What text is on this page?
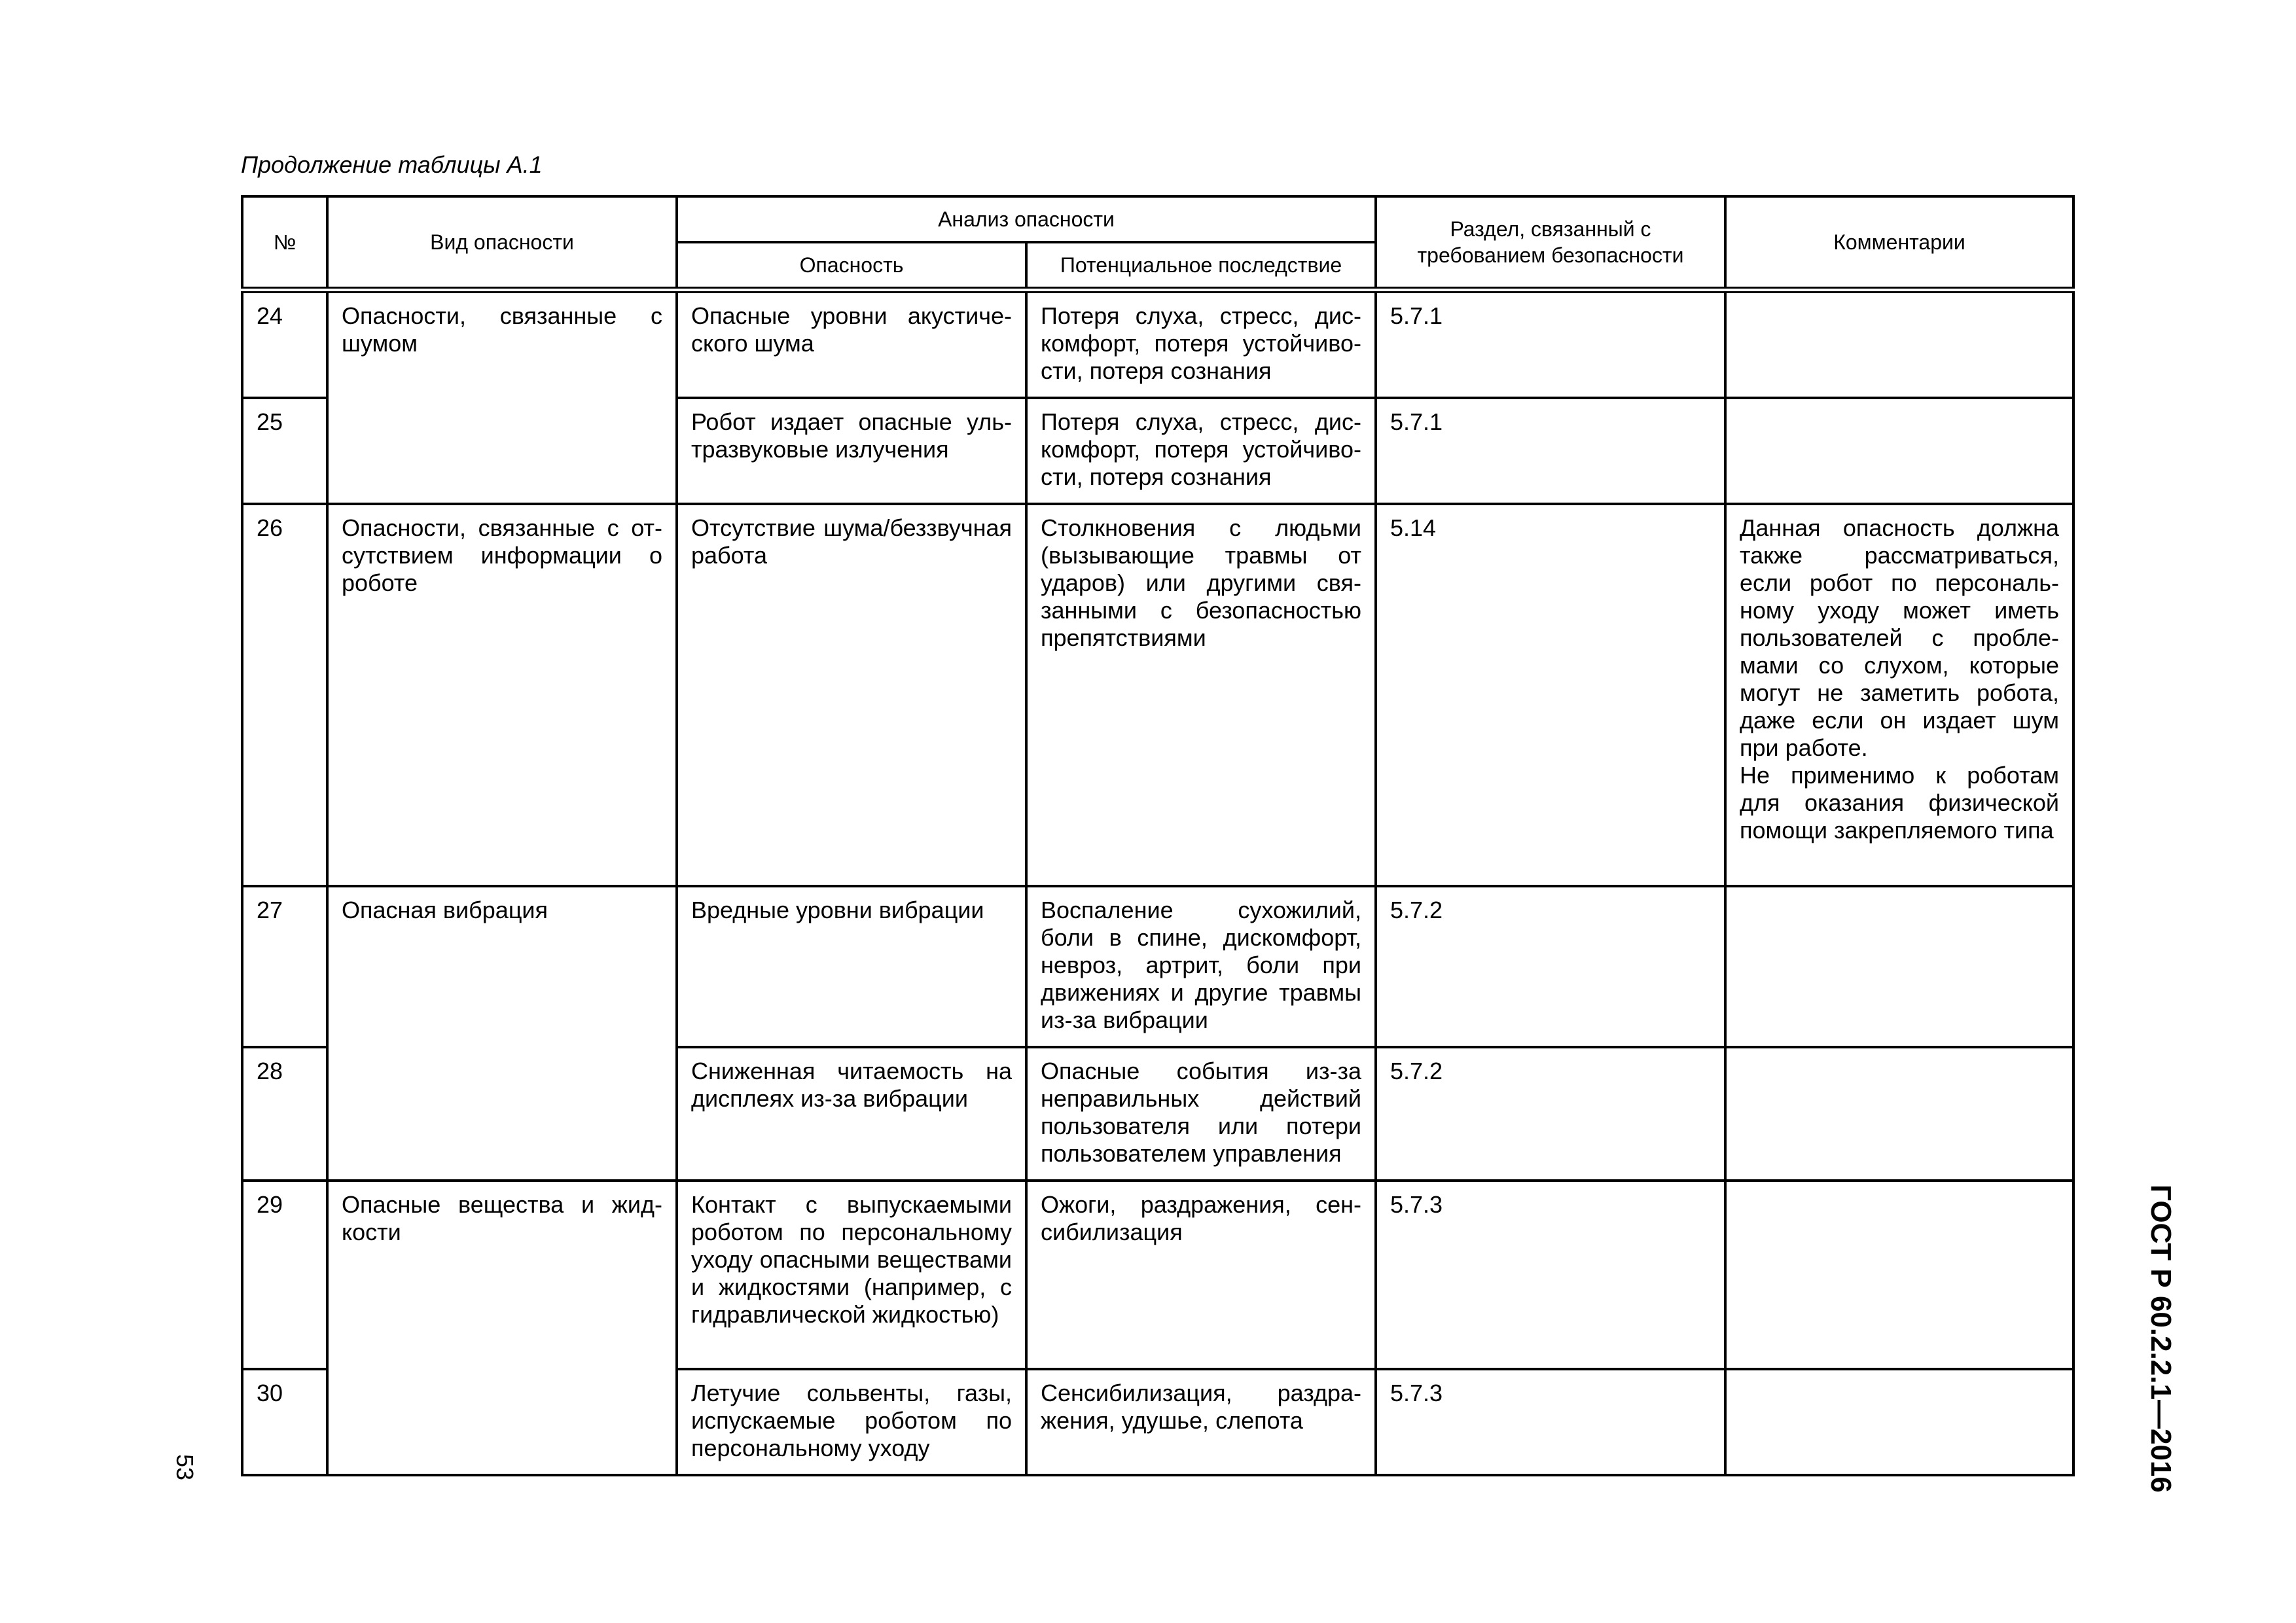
Продолжение таблицы А.1
№	Вид опасности	Анализ опасности		Раздел, связанный с требованием безопасности	Комментарии
		Опасность	Потенциальное последствие		
24	Опасности, связанные с шумом	Опасные уровни акустического шума	Потеря слуха, стресс, дискомфорт, потеря устойчивости, потеря сознания	5.7.1	
25		Робот издает опасные ультразвуковые излучения	Потеря слуха, стресс, дискомфорт, потеря устойчивости, потеря сознания	5.7.1	
26	Опасности, связанные с отсутствием информации о роботе	Отсутствие шума/беззвучная работа	Столкновения с людьми (вызывающие травмы от ударов) или другими связанными с безопасностью препятствиями	5.14	Данная опасность должна также рассматриваться, если робот по персональному уходу может иметь пользователей с проблемами со слухом, которые могут не заметить робота, даже если он издает шум при работе.
Не применимо к роботам для оказания физической помощи закрепляемого типа

27	Опасная вибрация	Вредные уровни вибрации	Воспаление сухожилий, боли в спине, дискомфорт, невроз, артрит, боли при движениях и другие травмы из-за вибрации	5.7.2	
28		Сниженная читаемость на дисплеях из-за вибрации	Опасные события из-за неправильных действий пользователя или потери пользователем управления	5.7.2	
29	Опасные вещества и жидкости	Контакт с выпускаемыми роботом по персональному уходу опасными веществами и жидкостями (например, с гидравлической жидкостью)	Ожоги, раздражения, сенсибилизация	5.7.3	
30		Летучие сольвенты, газы, испускаемые роботом по персональному уходу	Сенсибилизация, раздражения, удушье, слепота	5.7.3	
53	ГОСТ Р 60.2.2.1—2016
